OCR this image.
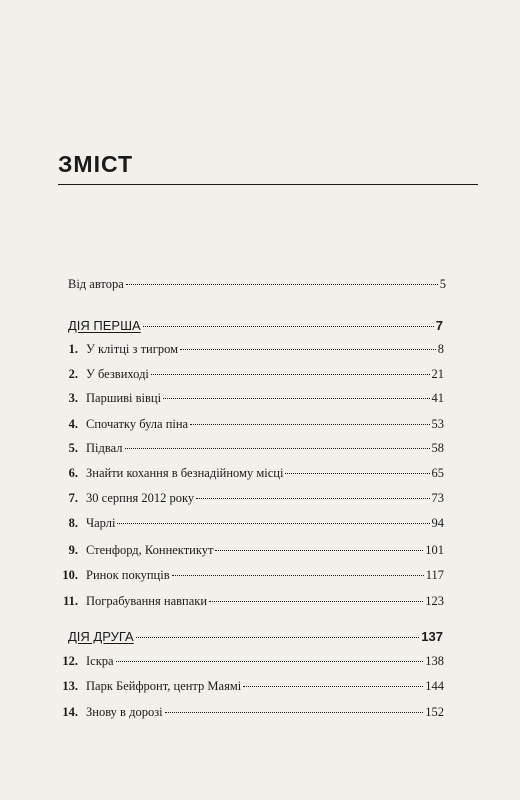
ЗМІСТ
Від автора	5
ДІЯ ПЕРША	7
1. У клітці з тигром	8
2. У безвиході	21
3. Паршиві вівці	41
4. Спочатку була піна	53
5. Підвал	58
6. Знайти кохання в безнадійному місці	65
7. 30 серпня 2012 року	73
8. Чарлі	94
9. Стенфорд, Коннектикут	101
10. Ринок покупців	117
11. Пограбування навпаки	123
ДІЯ ДРУГА	137
12. Іскра	138
13. Парк Бейфронт, центр Маямі	144
14. Знову в дорозі	152
